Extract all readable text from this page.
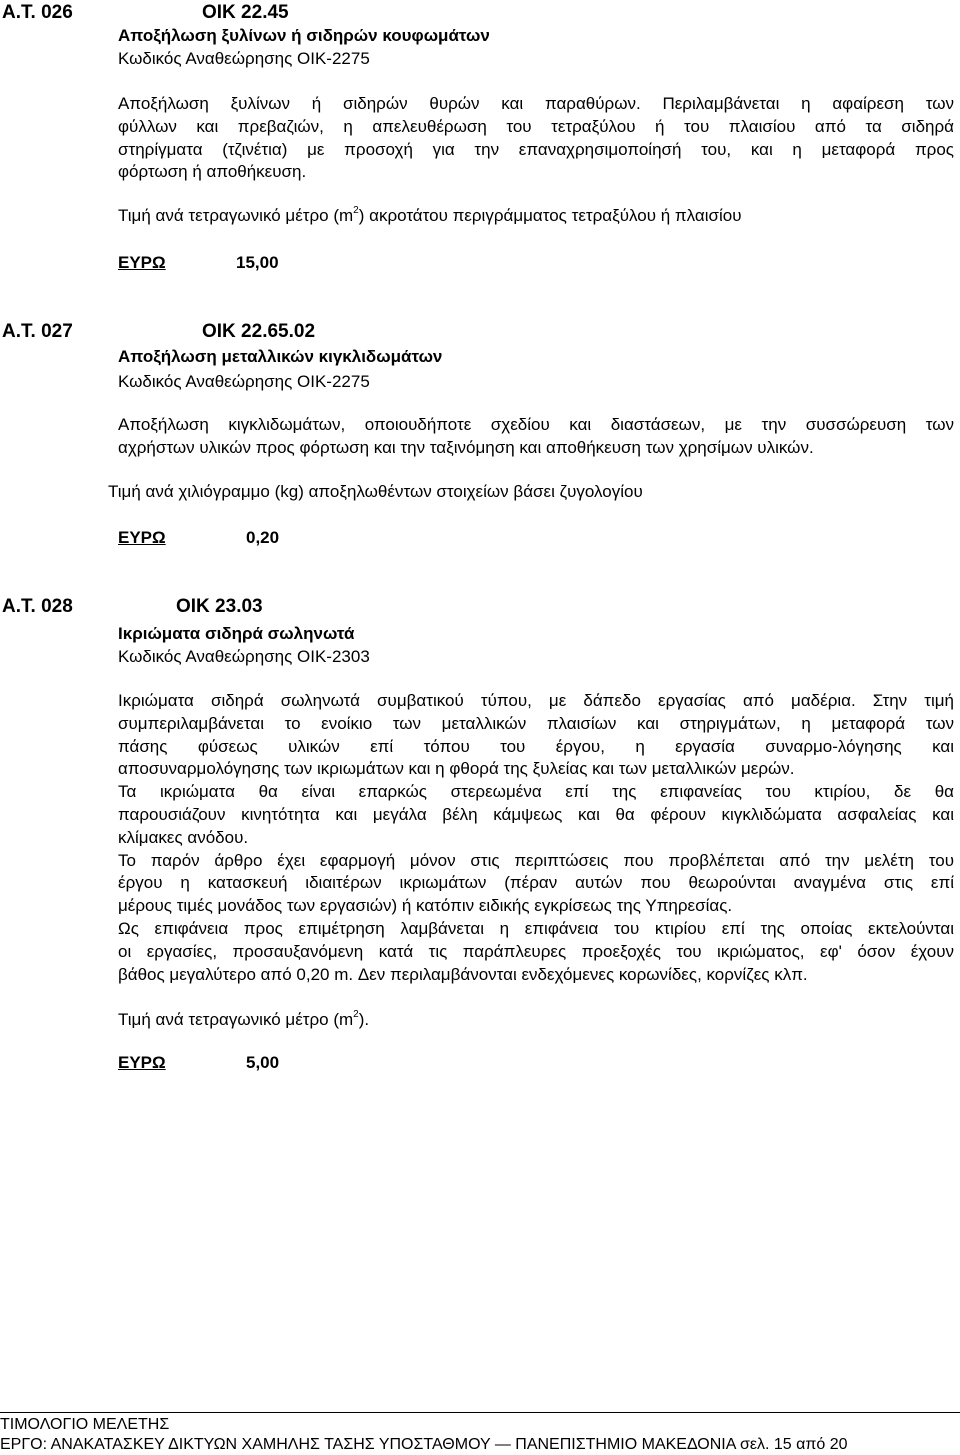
Α.Τ. 026	ΟΙΚ 22.45
Αποξήλωση ξυλίνων ή σιδηρών κουφωμάτων
Κωδικός Αναθεώρησης ΟΙΚ-2275
Αποξήλωση ξυλίνων ή σιδηρών θυρών και παραθύρων. Περιλαμβάνεται η αφαίρεση των
φύλλων και πρεβαζιών, η απελευθέρωση του τετραξύλου ή του πλαισίου από τα σιδηρά
στηρίγματα (τζινέτια) με προσοχή για την επαναχρησιμοποίησή του, και η μεταφορά προς
φόρτωση ή αποθήκευση.
Τιμή ανά τετραγωνικό μέτρο $(m^2)$ ακροτάτου περιγράμματος τετραξύλου ή πλαισίου
ΕΥΡΩ	15,00
Α.Τ. 027	ΟΙΚ 22.65.02
Αποξήλωση μεταλλικών κιγκλιδωμάτων
Κωδικός Αναθεώρησης ΟΙΚ-2275
Αποξήλωση κιγκλιδωμάτων, οποιουδήποτε σχεδίου και διαστάσεων, με την συσσώρευση των
αχρήστων υλικών προς φόρτωση και την ταξινόμηση και αποθήκευση των χρησίμων υλικών.
Τιμή ανά χιλιόγραμμο (kg) αποξηλωθέντων στοιχείων βάσει ζυγολογίου
ΕΥΡΩ	0,20
Α.Τ. 028	ΟΙΚ 23.03
Ικριώματα σιδηρά σωληνωτά
Κωδικός Αναθεώρησης ΟΙΚ-2303
Ικριώματα σιδηρά σωληνωτά συμβατικού τύπου, με δάπεδο εργασίας από μαδέρια. Στην τιμή
συμπεριλαμβάνεται το ενοίκιο των μεταλλικών πλαισίων και στηριγμάτων, η μεταφορά των
πάσης φύσεως υλικών επί τόπου του έργου, η εργασία συναρμο-λόγησης και
αποσυναρμολόγησης των ικριωμάτων και η φθορά της ξυλείας και των μεταλλικών μερών.
Τα ικριώματα θα είναι επαρκώς στερεωμένα επί της επιφανείας του κτιρίου, δε θα
παρουσιάζουν κινητότητα και μεγάλα βέλη κάμψεως και θα φέρουν κιγκλιδώματα ασφαλείας και
κλίμακες ανόδου.
Το παρόν άρθρο έχει εφαρμογή μόνον στις περιπτώσεις που προβλέπεται από την μελέτη του
έργου η κατασκευή ιδιαιτέρων ικριωμάτων (πέραν αυτών που θεωρούνται αναγμένα στις επί
μέρους τιμές μονάδος των εργασιών) ή κατόπιν ειδικής εγκρίσεως της Υπηρεσίας.
Ως επιφάνεια προς επιμέτρηση λαμβάνεται η επιφάνεια του κτιρίου επί της οποίας εκτελούνται
οι εργασίες, προσαυξανόμενη κατά τις παράπλευρες προεξοχές του ικριώματος, εφ' όσον έχουν
βάθος μεγαλύτερο από 0,20 m. Δεν περιλαμβάνονται ενδεχόμενες κορωνίδες, κορνίζες κλπ.
Τιμή ανά τετραγωνικό μέτρο $(m^2)$.
ΕΥΡΩ	5,00
ΤΙΜΟΛΟΓΙΟ ΜΕΛΕΤΗΣ
ΕΡΓΟ: ΑΝΑΚΑΤΑΣΚΕΥ ΔΙΚΤΥΩΝ ΧΑΜΗΛΗΣ ΤΑΣΗΣ ΥΠΟΣΤΑΘΜΟΥ — ΠΑΝΕΠΙΣΤΗΜΙΟ ΜΑΚΕΔΟΝΙΑ σελ. 15 από 20
